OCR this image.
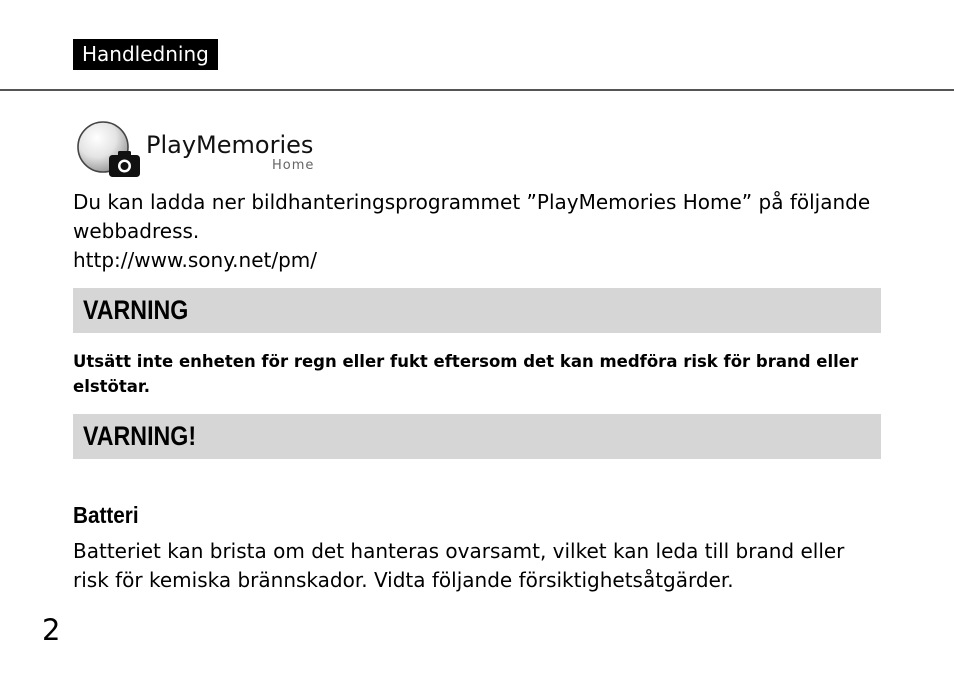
Handledning
PlayMemories
Home
Du kan ladda ner bildhanteringsprogrammet ”PlayMemories Home” på följande webbadress.
http://www.sony.net/pm/
VARNING
Utsätt inte enheten för regn eller fukt eftersom det kan medföra risk för brand eller elstötar.
VARNING!
Batteri
Batteriet kan brista om det hanteras ovarsamt, vilket kan leda till brand eller risk för kemiska brännskador. Vidta följande försiktighetsåtgärder.
2
